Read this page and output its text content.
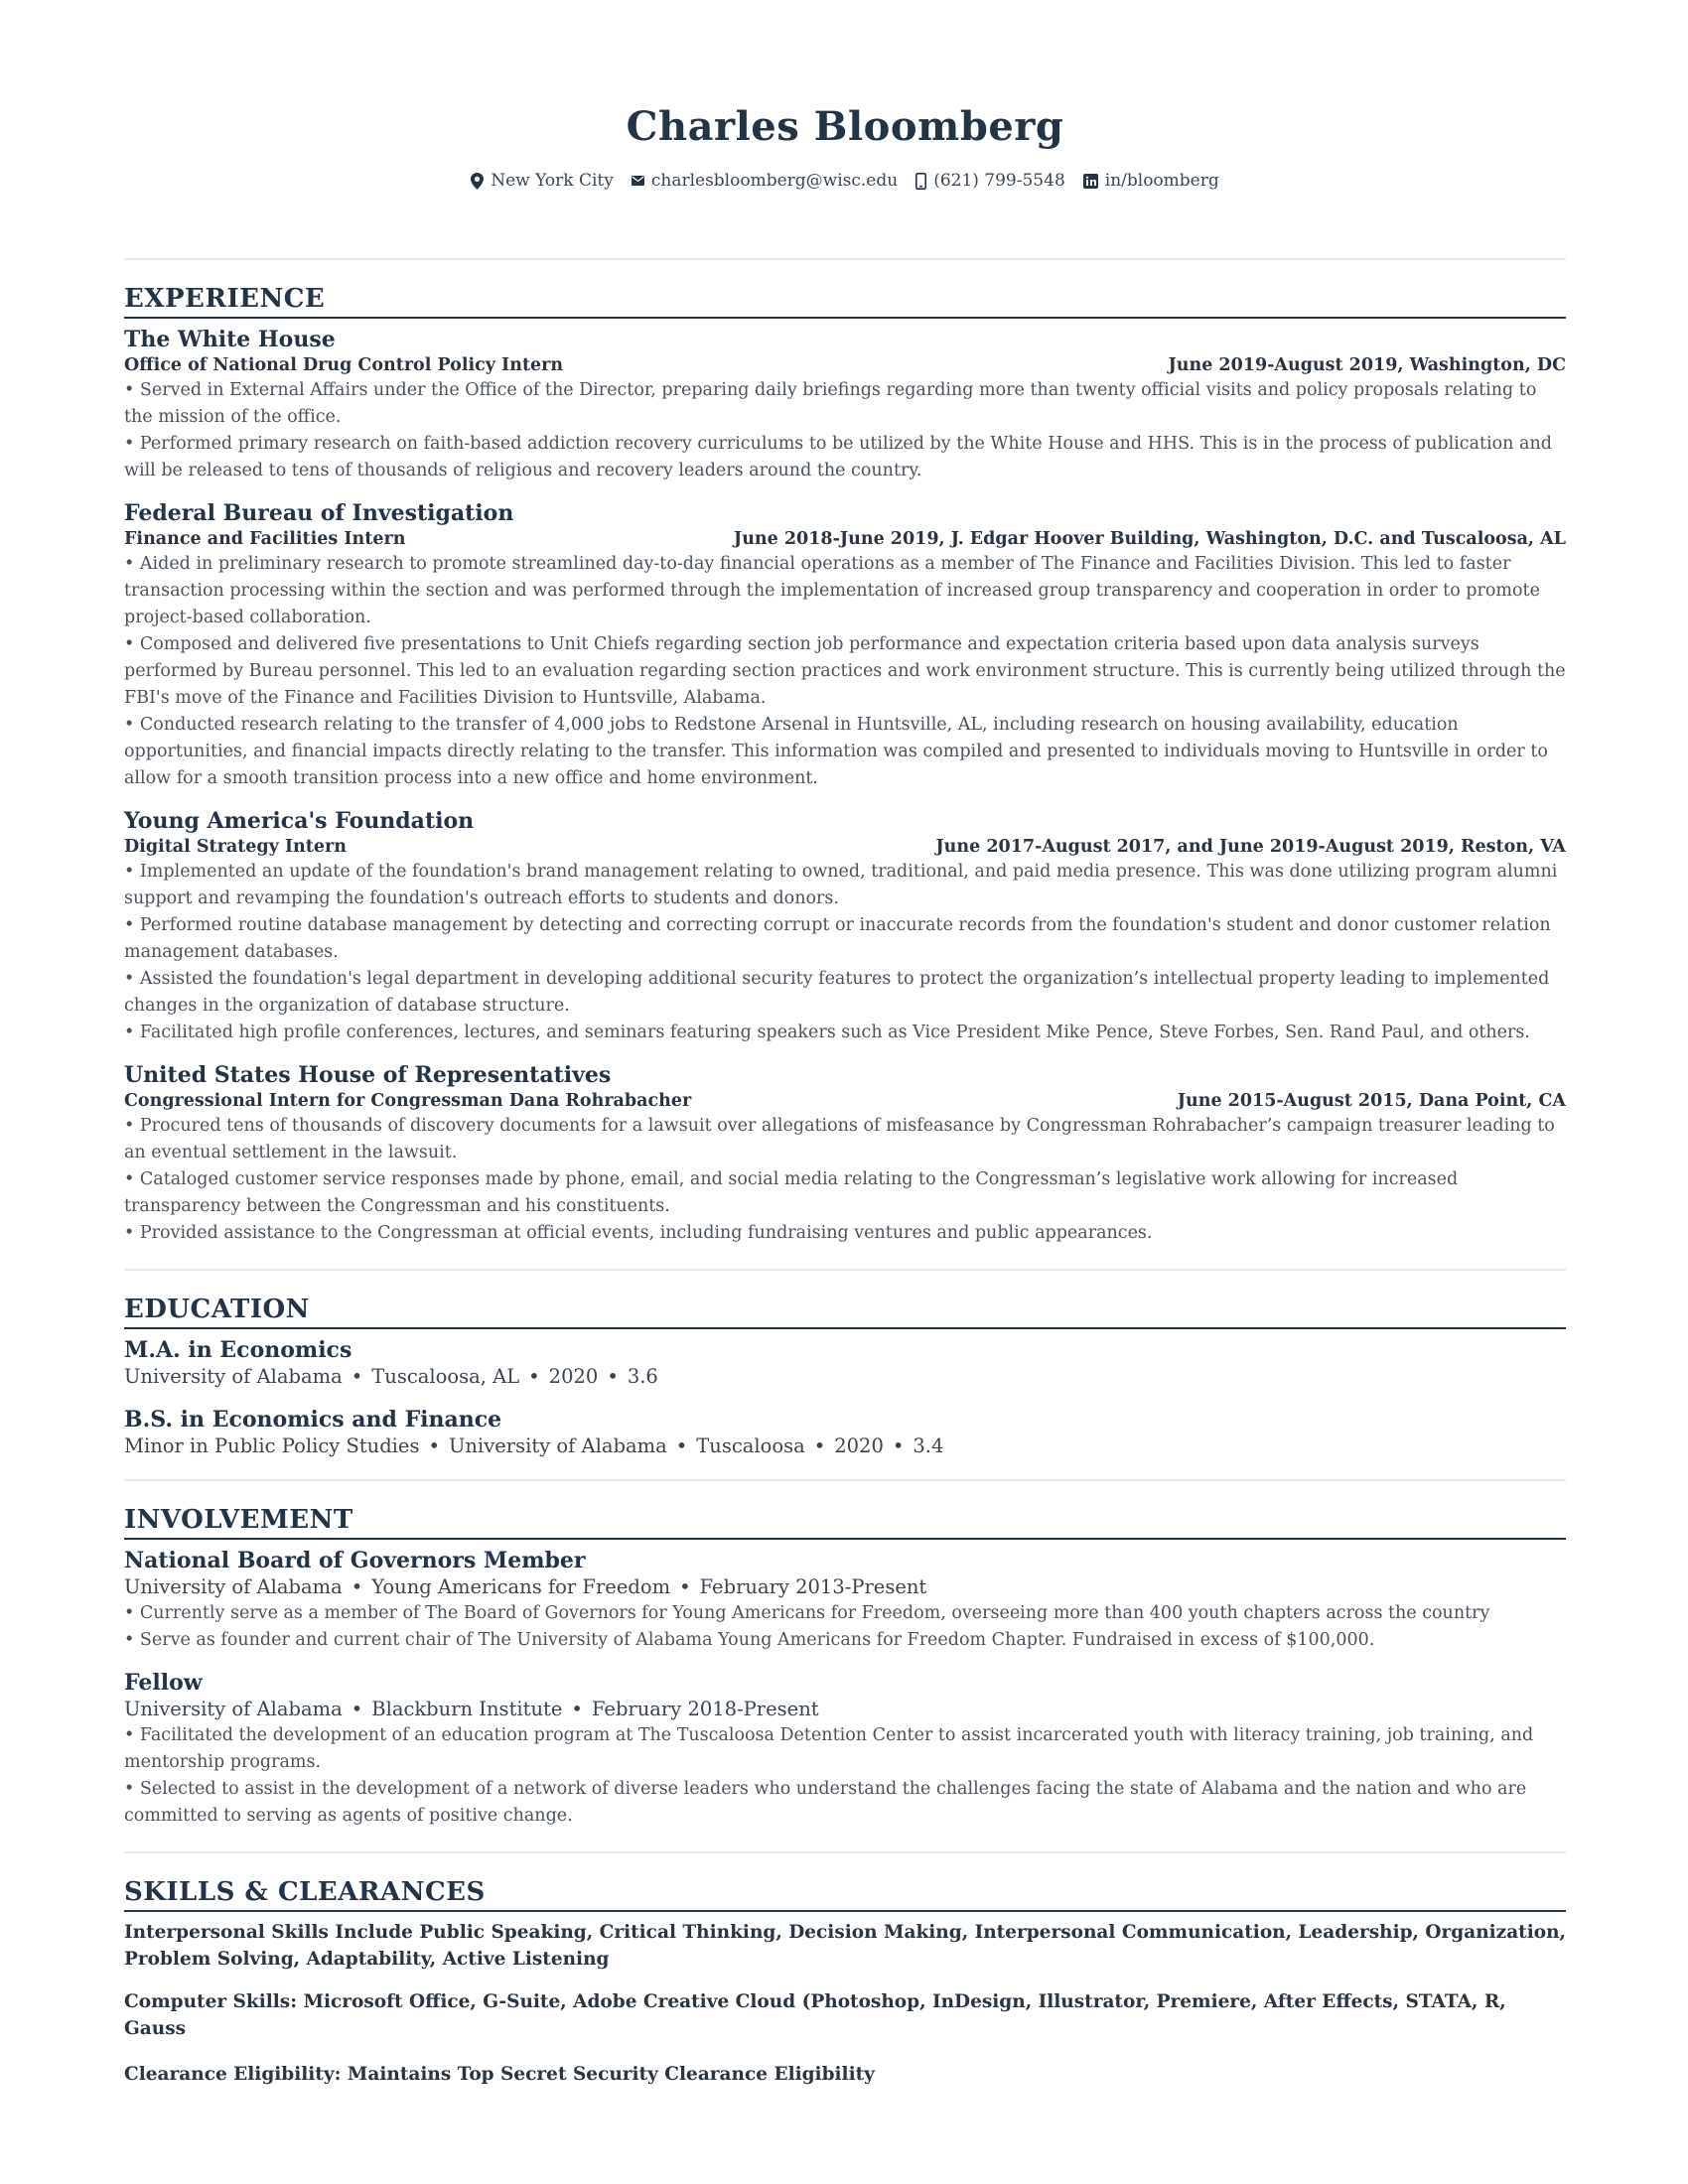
Charles Bloomberg
New York City charlesbloomberg@wisc.edu (621) 799-5548 in/bloomberg
EXPERIENCE
The White House
Office of National Drug Control Policy Intern	June 2019-August 2019, Washington, DC
• Served in External Affairs under the Office of the Director, preparing daily briefings regarding more than twenty official visits and policy proposals relating to the mission of the office.
• Performed primary research on faith-based addiction recovery curriculums to be utilized by the White House and HHS. This is in the process of publication and will be released to tens of thousands of religious and recovery leaders around the country.
Federal Bureau of Investigation
Finance and Facilities Intern	June 2018-June 2019, J. Edgar Hoover Building, Washington, D.C. and Tuscaloosa, AL
• Aided in preliminary research to promote streamlined day-to-day financial operations as a member of The Finance and Facilities Division. This led to faster transaction processing within the section and was performed through the implementation of increased group transparency and cooperation in order to promote project-based collaboration.
• Composed and delivered five presentations to Unit Chiefs regarding section job performance and expectation criteria based upon data analysis surveys performed by Bureau personnel. This led to an evaluation regarding section practices and work environment structure. This is currently being utilized through the FBI's move of the Finance and Facilities Division to Huntsville, Alabama.
• Conducted research relating to the transfer of 4,000 jobs to Redstone Arsenal in Huntsville, AL, including research on housing availability, education opportunities, and financial impacts directly relating to the transfer. This information was compiled and presented to individuals moving to Huntsville in order to allow for a smooth transition process into a new office and home environment.
Young America's Foundation
Digital Strategy Intern	June 2017-August 2017, and June 2019-August 2019, Reston, VA
• Implemented an update of the foundation's brand management relating to owned, traditional, and paid media presence. This was done utilizing program alumni support and revamping the foundation's outreach efforts to students and donors.
• Performed routine database management by detecting and correcting corrupt or inaccurate records from the foundation's student and donor customer relation management databases.
• Assisted the foundation's legal department in developing additional security features to protect the organization’s intellectual property leading to implemented changes in the organization of database structure.
• Facilitated high profile conferences, lectures, and seminars featuring speakers such as Vice President Mike Pence, Steve Forbes, Sen. Rand Paul, and others.
United States House of Representatives
Congressional Intern for Congressman Dana Rohrabacher	June 2015-August 2015, Dana Point, CA
• Procured tens of thousands of discovery documents for a lawsuit over allegations of misfeasance by Congressman Rohrabacher’s campaign treasurer leading to an eventual settlement in the lawsuit.
• Cataloged customer service responses made by phone, email, and social media relating to the Congressman’s legislative work allowing for increased transparency between the Congressman and his constituents.
• Provided assistance to the Congressman at official events, including fundraising ventures and public appearances.
EDUCATION
M.A. in Economics
University of Alabama • Tuscaloosa, AL • 2020 • 3.6
B.S. in Economics and Finance
Minor in Public Policy Studies • University of Alabama • Tuscaloosa • 2020 • 3.4
INVOLVEMENT
National Board of Governors Member
University of Alabama • Young Americans for Freedom • February 2013-Present
• Currently serve as a member of The Board of Governors for Young Americans for Freedom, overseeing more than 400 youth chapters across the country
• Serve as founder and current chair of The University of Alabama Young Americans for Freedom Chapter. Fundraised in excess of $100,000.
Fellow
University of Alabama • Blackburn Institute • February 2018-Present
• Facilitated the development of an education program at The Tuscaloosa Detention Center to assist incarcerated youth with literacy training, job training, and mentorship programs.
• Selected to assist in the development of a network of diverse leaders who understand the challenges facing the state of Alabama and the nation and who are committed to serving as agents of positive change.
SKILLS & CLEARANCES
Interpersonal Skills Include Public Speaking, Critical Thinking, Decision Making, Interpersonal Communication, Leadership, Organization, Problem Solving, Adaptability, Active Listening
Computer Skills: Microsoft Office, G-Suite, Adobe Creative Cloud (Photoshop, InDesign, Illustrator, Premiere, After Effects, STATA, R, Gauss
Clearance Eligibility: Maintains Top Secret Security Clearance Eligibility
